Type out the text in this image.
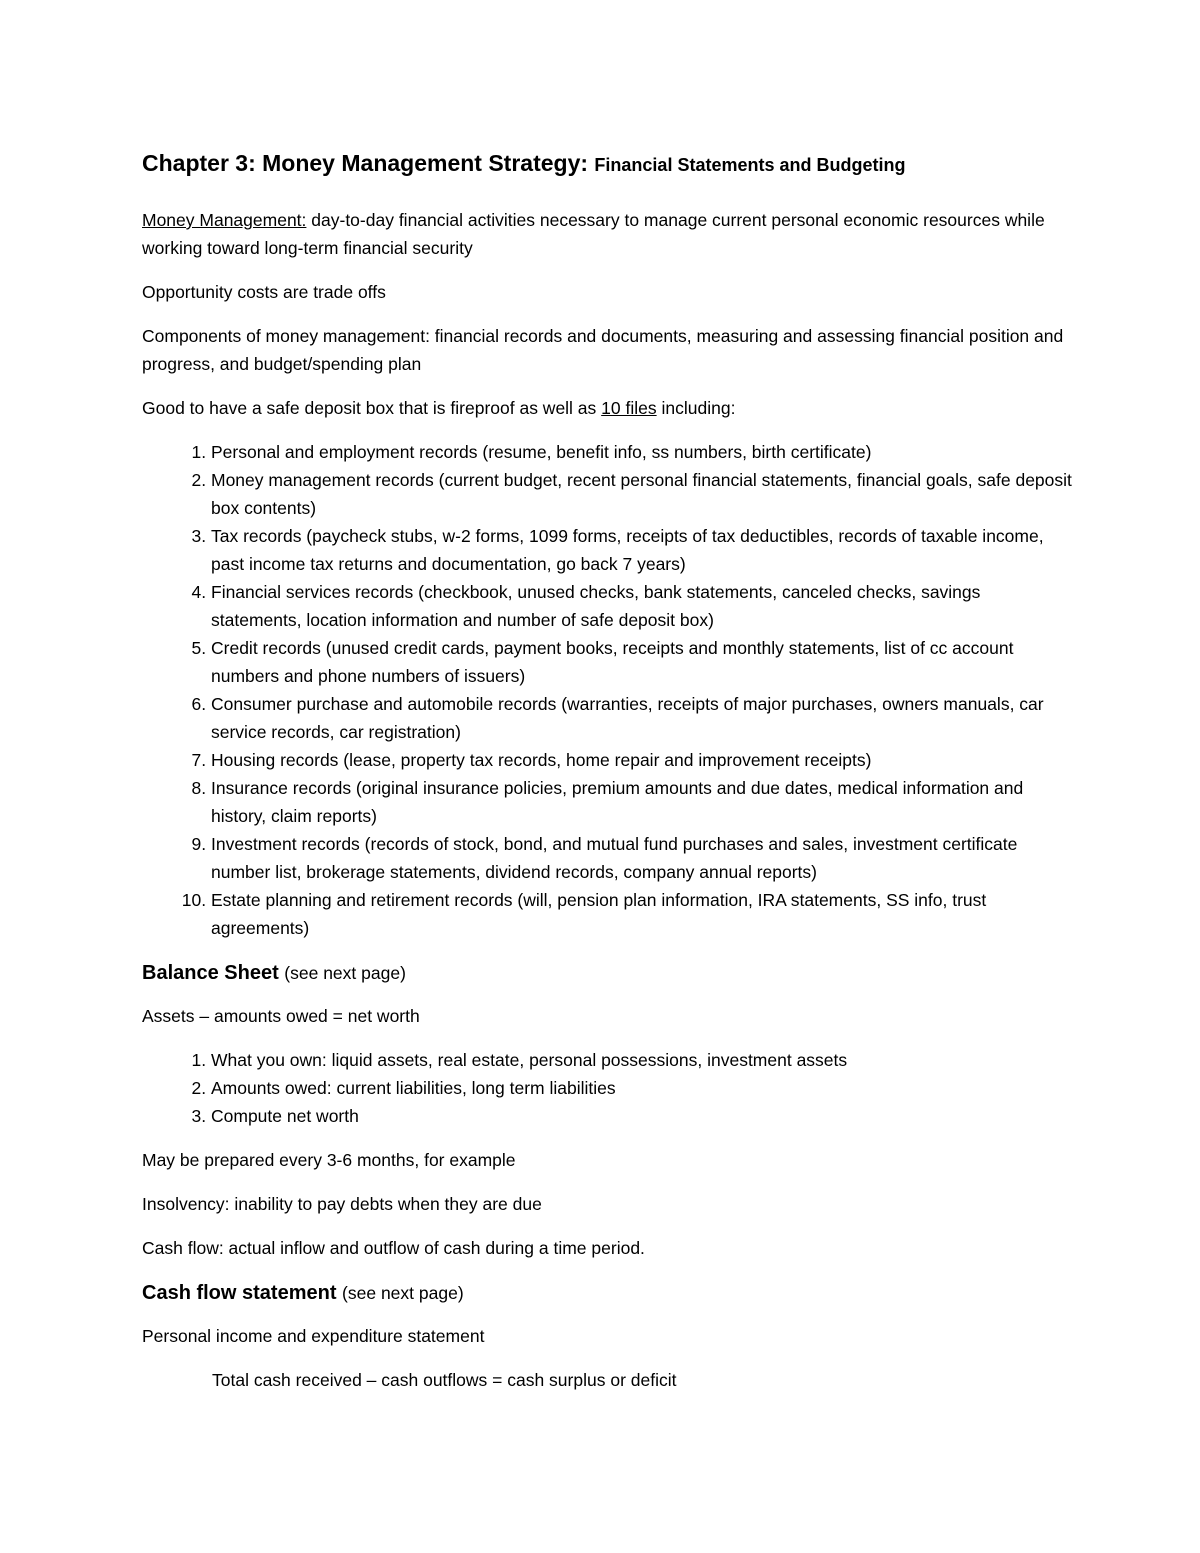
Chapter 3: Money Management Strategy: Financial Statements and Budgeting

Money Management: day-to-day financial activities necessary to manage current personal economic resources while working toward long-term financial security

Opportunity costs are trade offs

Components of money management: financial records and documents, measuring and assessing financial position and progress, and budget/spending plan

Good to have a safe deposit box that is fireproof as well as 10 files including:

1. Personal and employment records (resume, benefit info, ss numbers, birth certificate)
2. Money management records (current budget, recent personal financial statements, financial goals, safe deposit box contents)
3. Tax records (paycheck stubs, w-2 forms, 1099 forms, receipts of tax deductibles, records of taxable income, past income tax returns and documentation, go back 7 years)
4. Financial services records (checkbook, unused checks, bank statements, canceled checks, savings statements, location information and number of safe deposit box)
5. Credit records (unused credit cards, payment books, receipts and monthly statements, list of cc account numbers and phone numbers of issuers)
6. Consumer purchase and automobile records (warranties, receipts of major purchases, owners manuals, car service records, car registration)
7. Housing records (lease, property tax records, home repair and improvement receipts)
8. Insurance records (original insurance policies, premium amounts and due dates, medical information and history, claim reports)
9. Investment records (records of stock, bond, and mutual fund purchases and sales, investment certificate number list, brokerage statements, dividend records, company annual reports)
10. Estate planning and retirement records (will, pension plan information, IRA statements, SS info, trust agreements)
Balance Sheet (see next page)

Assets – amounts owed = net worth

1. What you own: liquid assets, real estate, personal possessions, investment assets
2. Amounts owed: current liabilities, long term liabilities
3. Compute net worth

May be prepared every 3-6 months, for example

Insolvency: inability to pay debts when they are due

Cash flow: actual inflow and outflow of cash during a time period.

Cash flow statement (see next page)

Personal income and expenditure statement

Total cash received – cash outflows = cash surplus or deficit
